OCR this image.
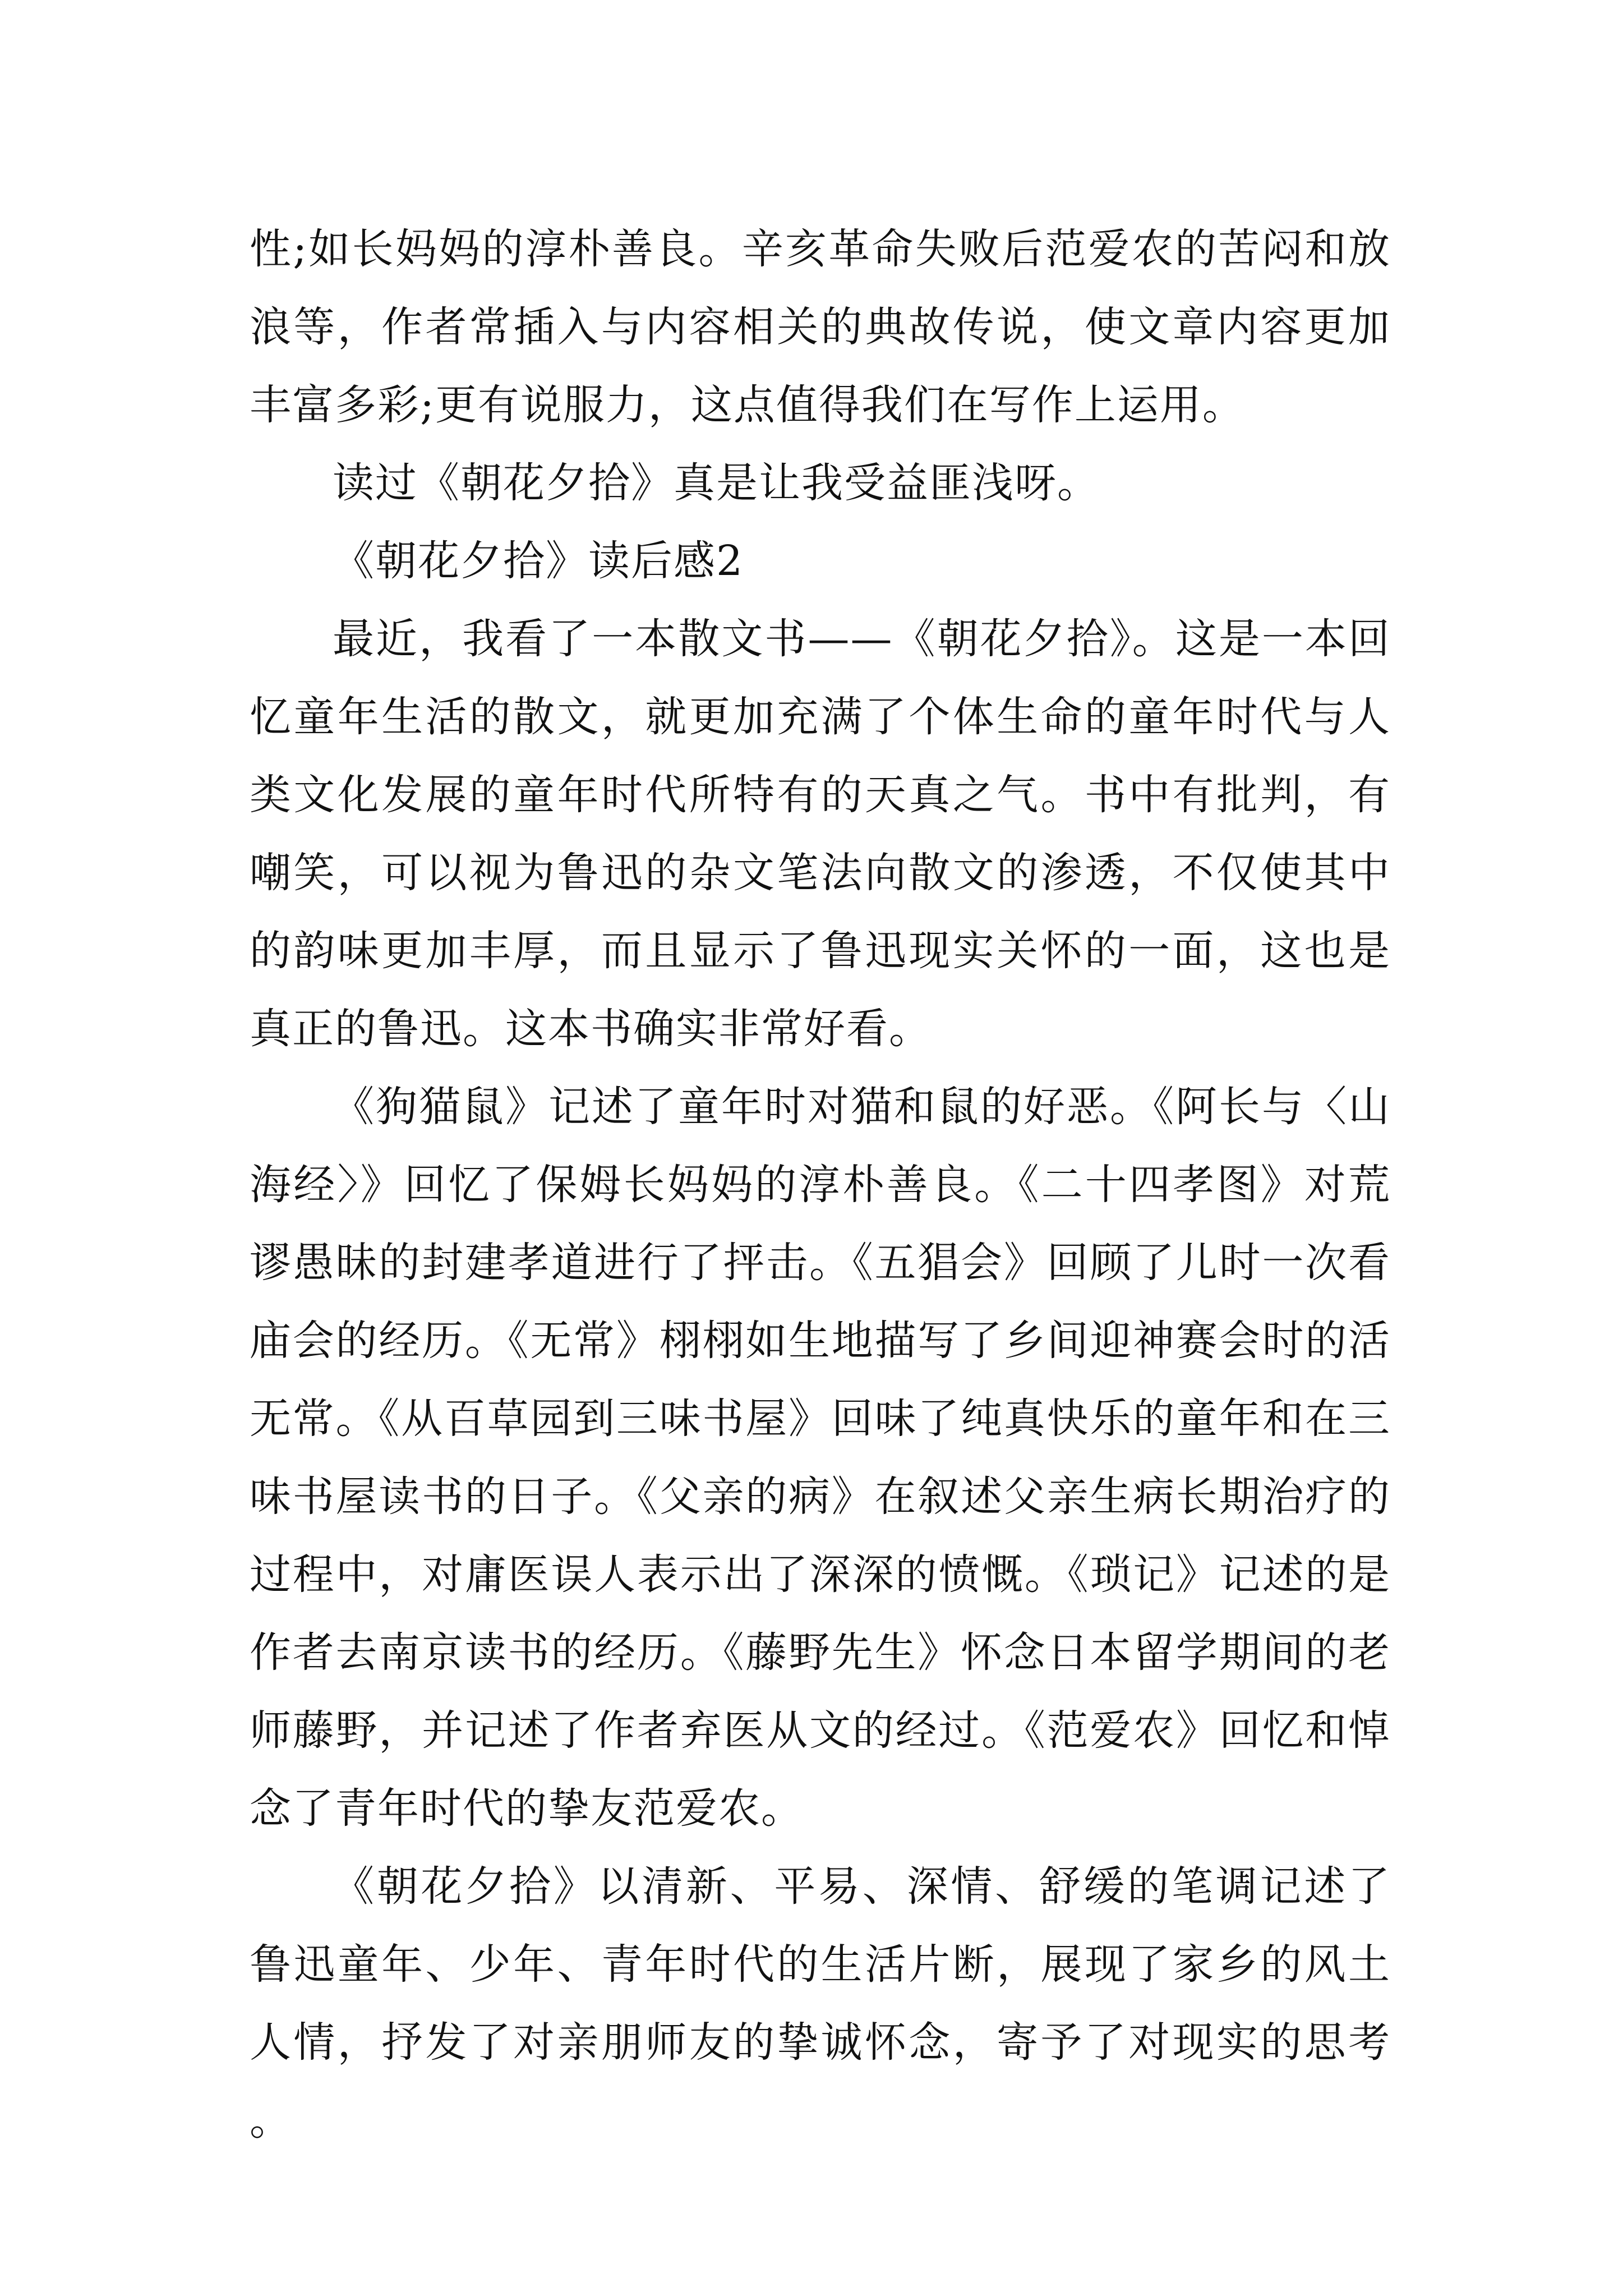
性;如长妈妈的淳朴善良。辛亥革命失败后范爱农的苦闷和放浪等，作者常插入与内容相关的典故传说，使文章内容更加丰富多彩;更有说服力，这点值得我们在写作上运用。

读过《朝花夕拾》真是让我受益匪浅呀。

《朝花夕拾》读后感2

最近，我看了一本散文书——《朝花夕拾》。这是一本回忆童年生活的散文，就更加充满了个体生命的童年时代与人类文化发展的童年时代所特有的天真之气。书中有批判，有嘲笑，可以视为鲁迅的杂文笔法向散文的渗透，不仅使其中的韵味更加丰厚，而且显示了鲁迅现实关怀的一面，这也是真正的鲁迅。这本书确实非常好看。

《狗猫鼠》记述了童年时对猫和鼠的好恶。《阿长与〈山海经〉》回忆了保姆长妈妈的淳朴善良。《二十四孝图》对荒谬愚昧的封建孝道进行了抨击。《五猖会》回顾了儿时一次看庙会的经历。《无常》栩栩如生地描写了乡间迎神赛会时的活无常。《从百草园到三味书屋》回味了纯真快乐的童年和在三味书屋读书的日子。《父亲的病》在叙述父亲生病长期治疗的过程中，对庸医误人表示出了深深的愤慨。《琐记》记述的是作者去南京读书的经历。《藤野先生》怀念日本留学期间的老师藤野，并记述了作者弃医从文的经过。《范爱农》回忆和悼念了青年时代的挚友范爱农。

《朝花夕拾》以清新、平易、深情、舒缓的笔调记述了鲁迅童年、少年、青年时代的生活片断，展现了家乡的风土人情，抒发了对亲朋师友的挚诚怀念，寄予了对现实的思考。
